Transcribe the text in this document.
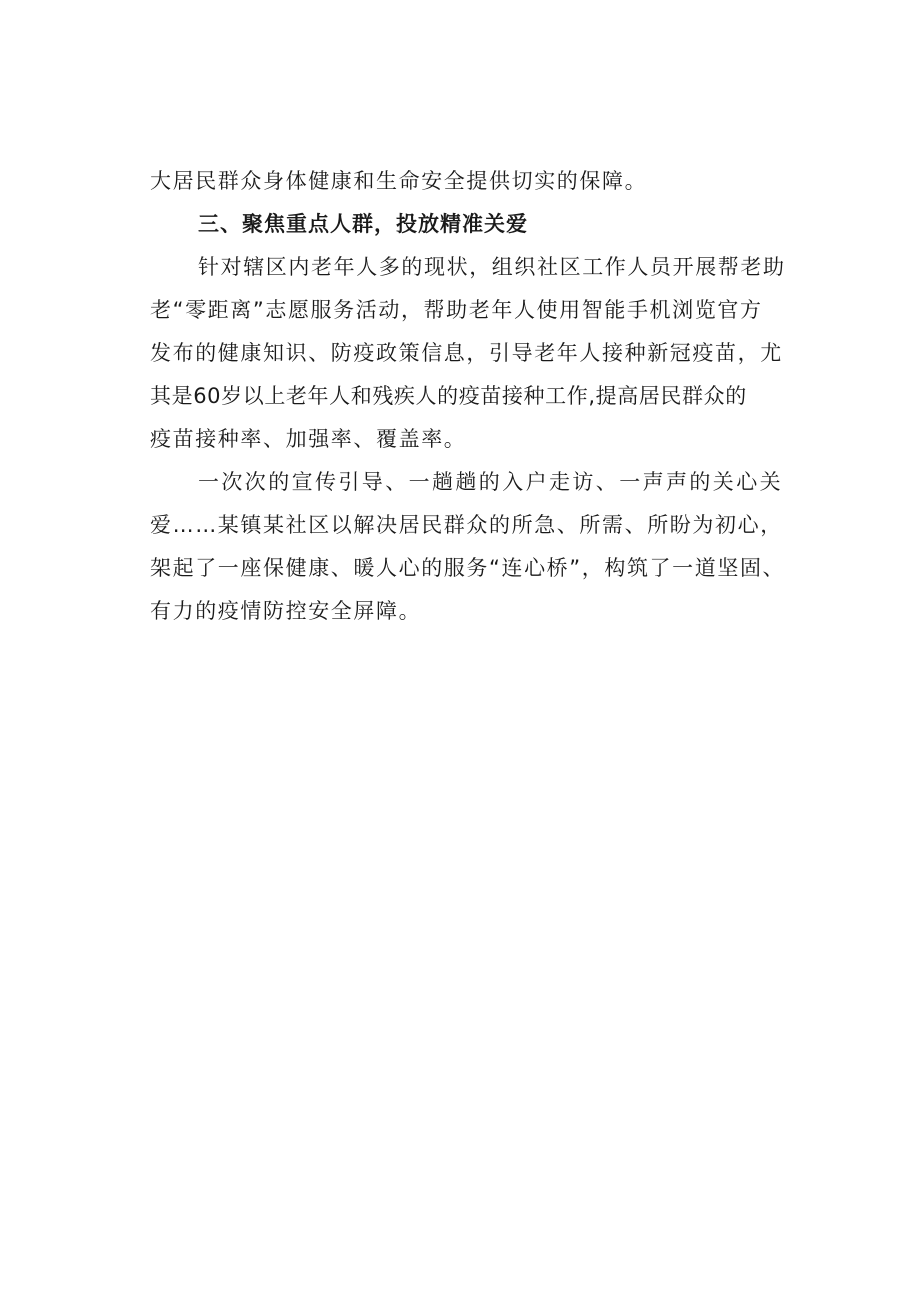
大居民群众身体健康和生命安全提供切实的保障。
三、聚焦重点人群，投放精准关爱
针对辖区内老年人多的现状，组织社区工作人员开展帮老助
老“零距离”志愿服务活动，帮助老年人使用智能手机浏览官方
发布的健康知识、防疫政策信息，引导老年人接种新冠疫苗，尤
其是60岁以上老年人和残疾人的疫苗接种工作,提高居民群众的
疫苗接种率、加强率、覆盖率。
一次次的宣传引导、一趟趟的入户走访、一声声的关心关
爱……某镇某社区以解决居民群众的所急、所需、所盼为初心，
架起了一座保健康、暖人心的服务“连心桥”，构筑了一道坚固、
有力的疫情防控安全屏障。
